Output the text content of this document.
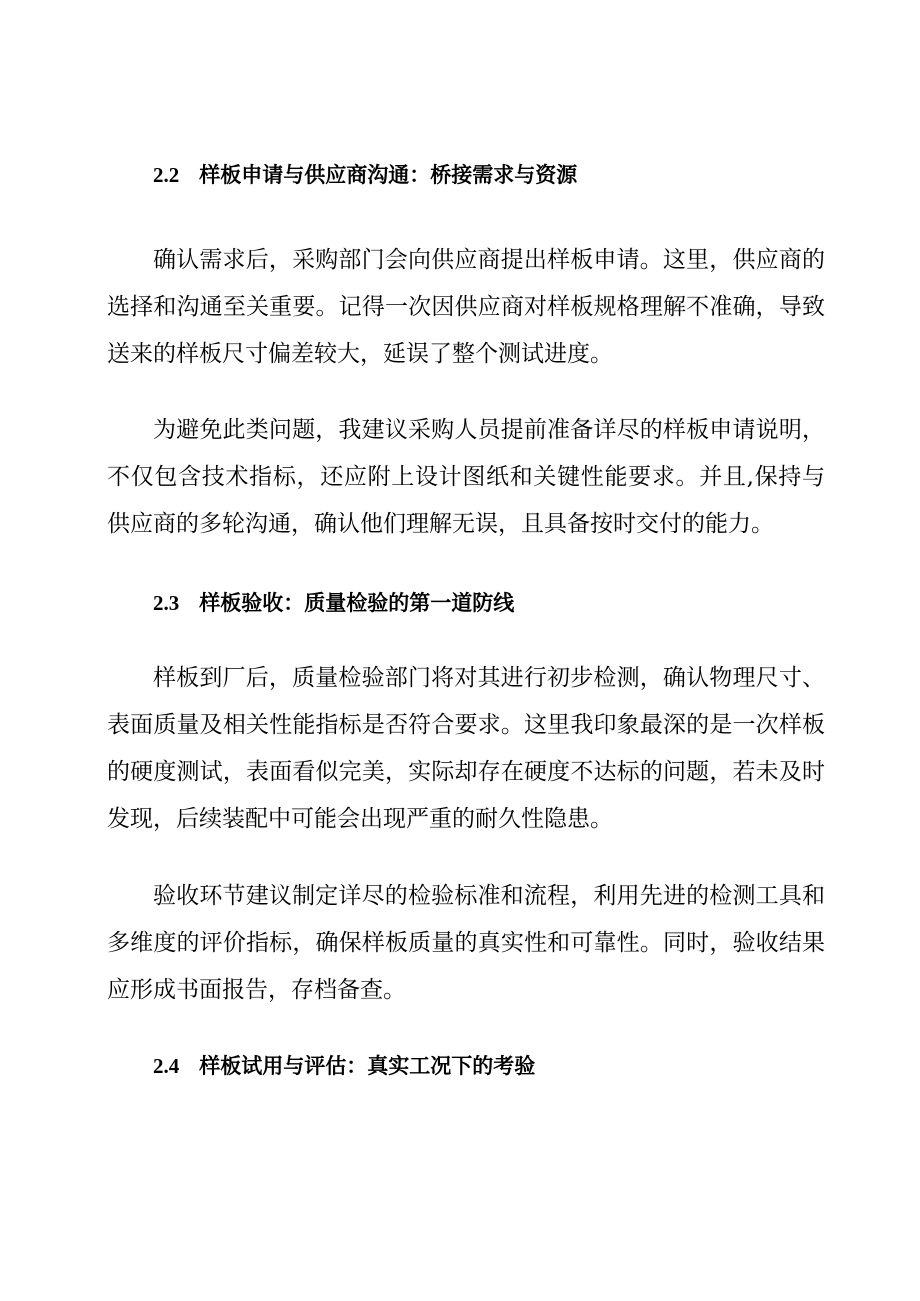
2.2 样板申请与供应商沟通：桥接需求与资源

确认需求后，采购部门会向供应商提出样板申请。这里，供应商的选择和沟通至关重要。记得一次因供应商对样板规格理解不准确，导致送来的样板尺寸偏差较大，延误了整个测试进度。

为避免此类问题，我建议采购人员提前准备详尽的样板申请说明，不仅包含技术指标，还应附上设计图纸和关键性能要求。并且,保持与供应商的多轮沟通，确认他们理解无误，且具备按时交付的能力。

2.3 样板验收：质量检验的第一道防线

样板到厂后，质量检验部门将对其进行初步检测，确认物理尺寸、表面质量及相关性能指标是否符合要求。这里我印象最深的是一次样板的硬度测试，表面看似完美，实际却存在硬度不达标的问题，若未及时发现，后续装配中可能会出现严重的耐久性隐患。

验收环节建议制定详尽的检验标准和流程，利用先进的检测工具和多维度的评价指标，确保样板质量的真实性和可靠性。同时，验收结果应形成书面报告，存档备查。

2.4 样板试用与评估：真实工况下的考验
